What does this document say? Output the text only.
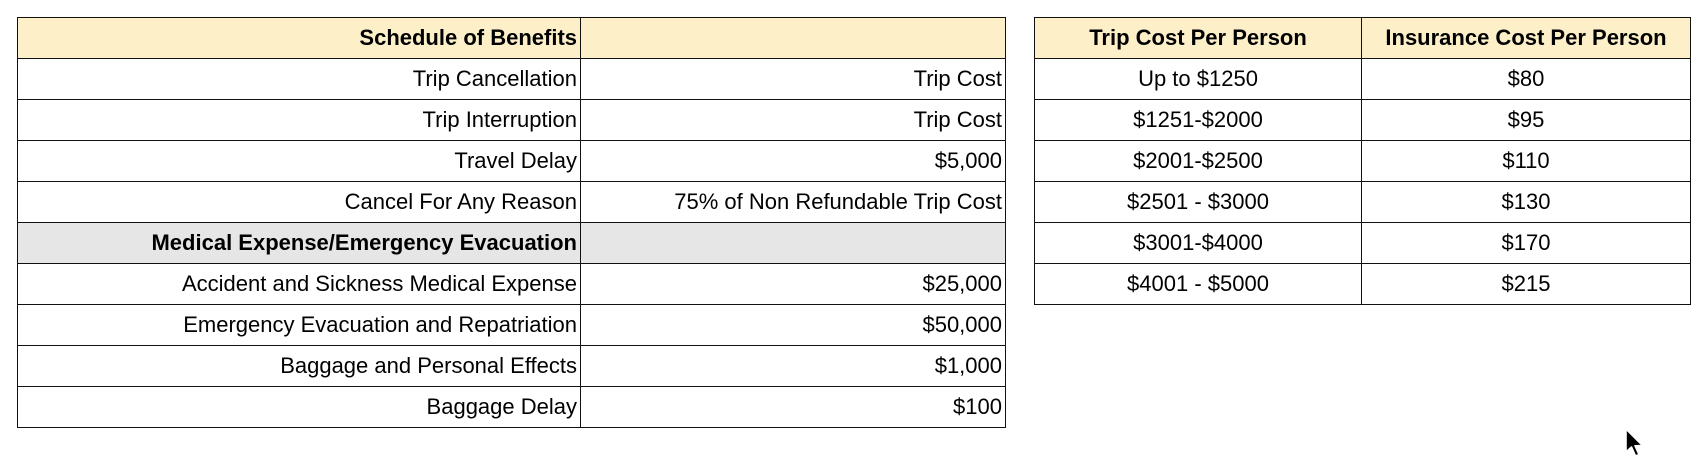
Schedule of Benefits	
Trip Cancellation	Trip Cost
Trip Interruption	Trip Cost
Travel Delay	$5,000
Cancel For Any Reason	75% of Non Refundable Trip Cost
Medical Expense/Emergency Evacuation	
Accident and Sickness Medical Expense	$25,000
Emergency Evacuation and Repatriation	$50,000
Baggage and Personal Effects	$1,000
Baggage Delay	$100
Trip Cost Per Person	Insurance Cost Per Person
Up to $1250	$80
$1251-$2000	$95
$2001-$2500	$110
$2501 - $3000	$130
$3001-$4000	$170
$4001 - $5000	$215
